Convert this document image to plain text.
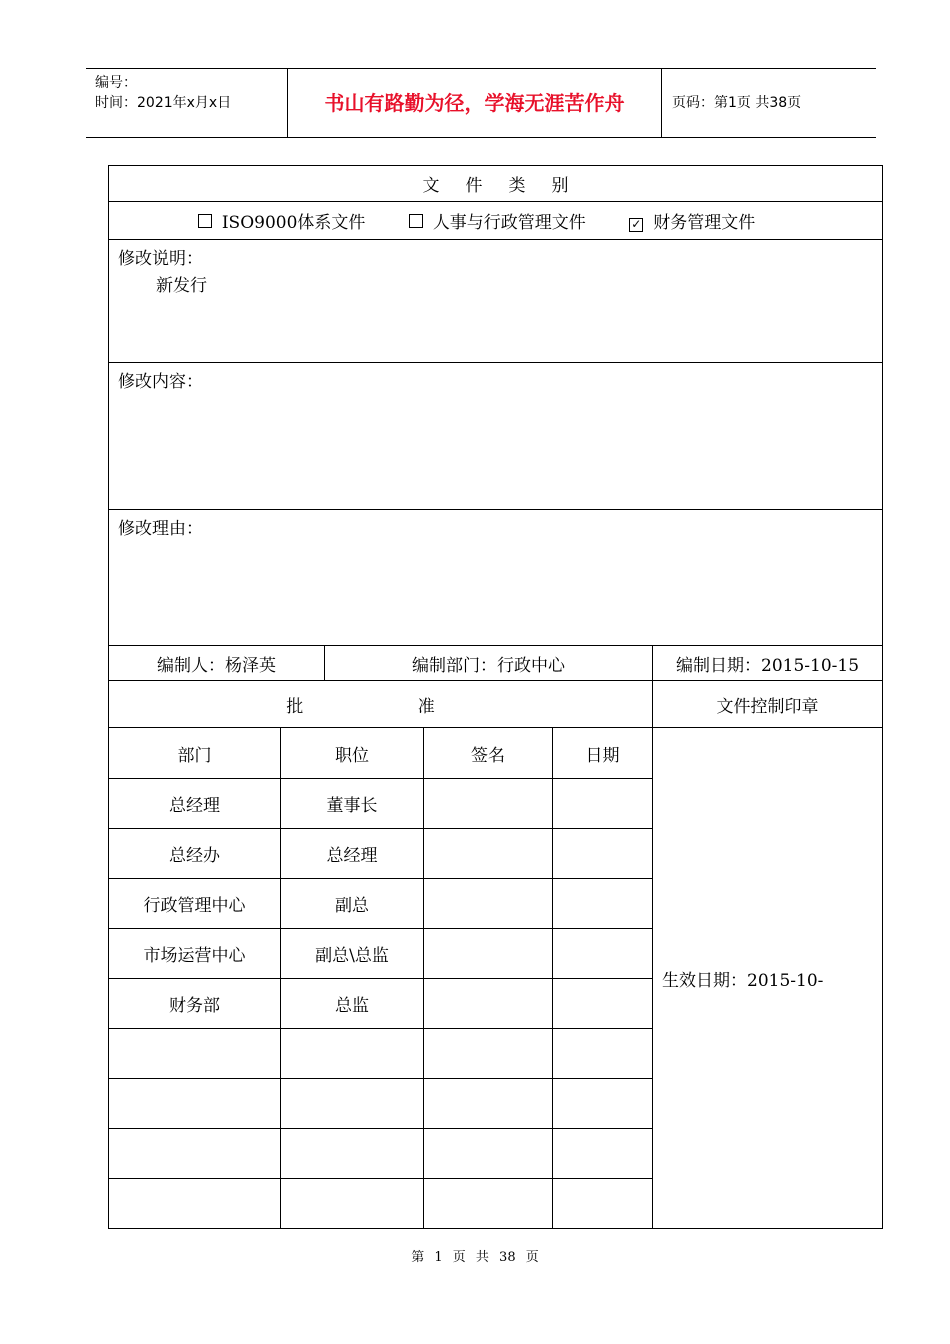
编号：
时间：2021年x月x日	书山有路勤为径，学海无涯苦作舟	页码：第1页 共38页
文件类别					
ISO9000体系文件 人事与行政管理文件 ✓ 财务管理文件					

修改说明：
新发行					

修改内容：					

修改理由：					

编制人：杨泽英		编制部门：行政中心			编制日期：2015-10-15

批 准					文件控制印章
部门	职位		签名	日期	生效日期：2015-10-
总经理	董事长				
总经办	总经理				
行政管理中心	副总				
市场运营中心	副总\总监				
财务部	总监				

第 1 页 共 38 页
